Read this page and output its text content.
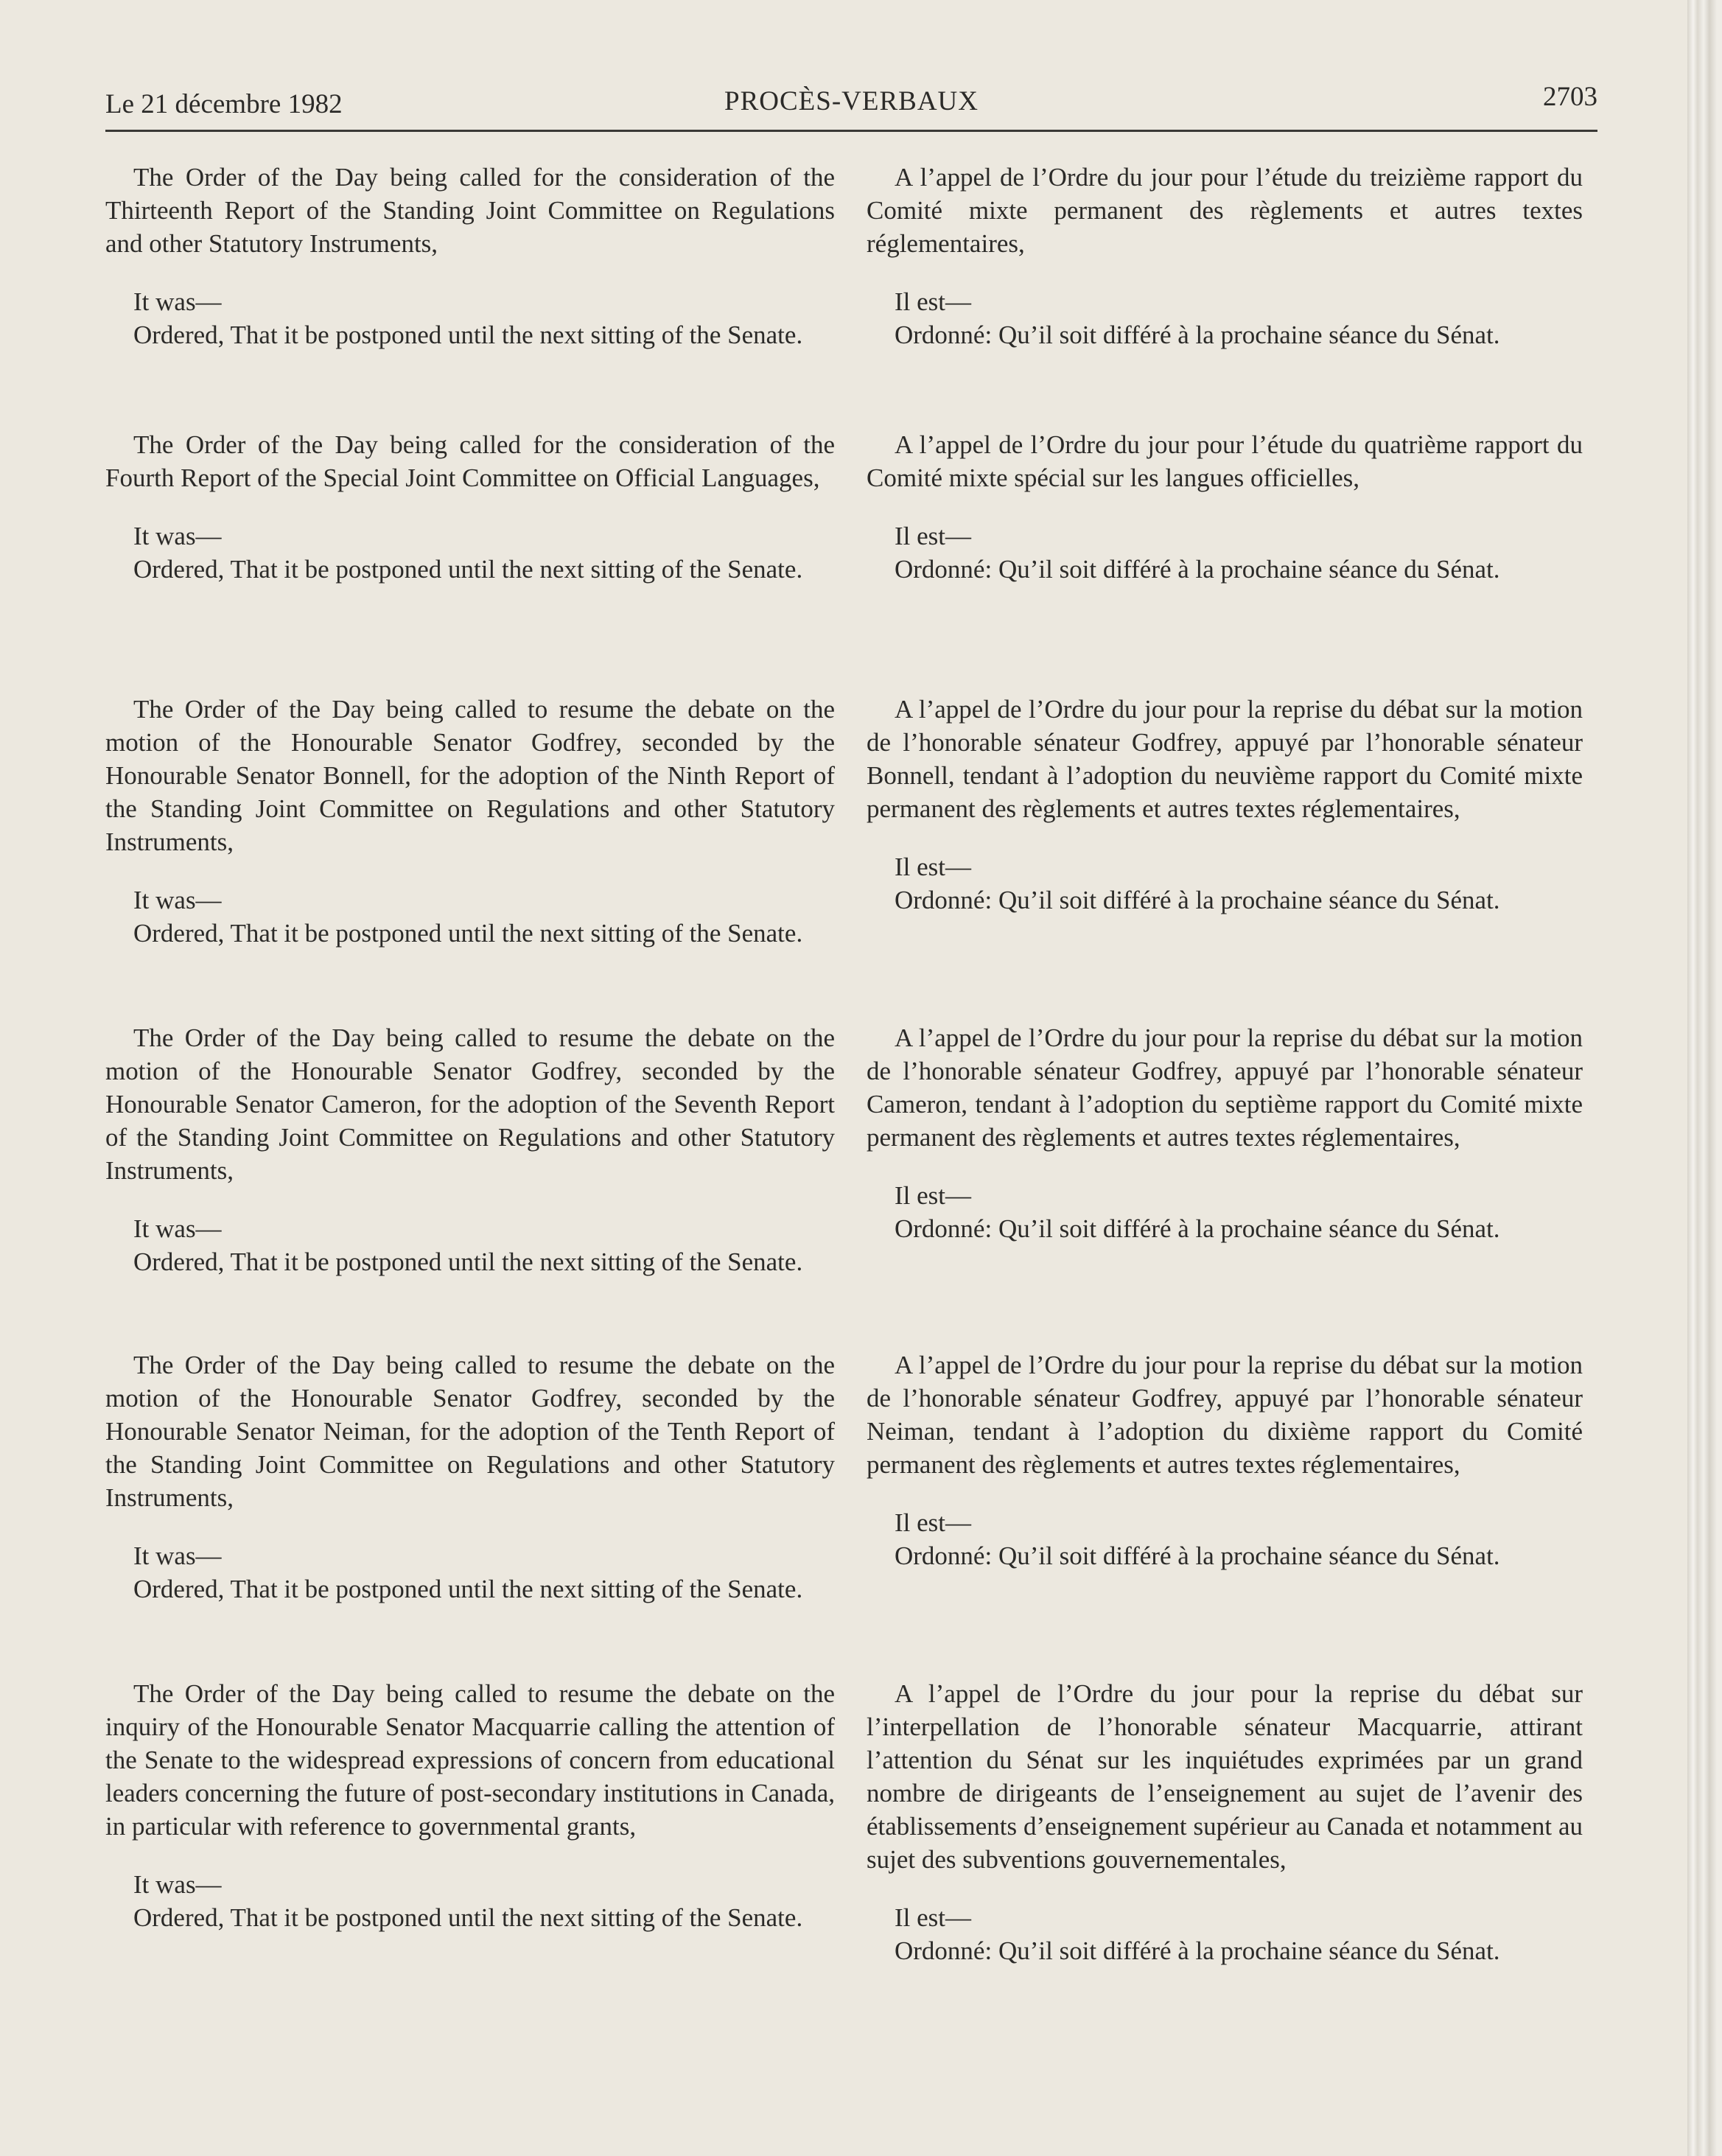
Le 21 décembre 1982	PROCÈS-VERBAUX	2703

The Order of the Day being called for the consideration of the Thirteenth Report of the Standing Joint Committee on Regulations and other Statutory Instruments,

It was—

Ordered, That it be postponed until the next sitting of the Senate.

The Order of the Day being called for the consideration of the Fourth Report of the Special Joint Committee on Official Languages,

It was—

Ordered, That it be postponed until the next sitting of the Senate.

The Order of the Day being called to resume the debate on the motion of the Honourable Senator Godfrey, seconded by the Honourable Senator Bonnell, for the adoption of the Ninth Report of the Standing Joint Committee on Regulations and other Statutory Instruments,

It was—

Ordered, That it be postponed until the next sitting of the Senate.

The Order of the Day being called to resume the debate on the motion of the Honourable Senator Godfrey, seconded by the Honourable Senator Cameron, for the adoption of the Seventh Report of the Standing Joint Committee on Regulations and other Statutory Instruments,

It was—

Ordered, That it be postponed until the next sitting of the Senate.

The Order of the Day being called to resume the debate on the motion of the Honourable Senator Godfrey, seconded by the Honourable Senator Neiman, for the adoption of the Tenth Report of the Standing Joint Committee on Regulations and other Statutory Instruments,

It was—

Ordered, That it be postponed until the next sitting of the Senate.

The Order of the Day being called to resume the debate on the inquiry of the Honourable Senator Macquarrie calling the attention of the Senate to the widespread expressions of concern from educational leaders concerning the future of post-secondary institutions in Canada, in particular with reference to governmental grants,

It was—

Ordered, That it be postponed until the next sitting of the Senate.

A l’appel de l’Ordre du jour pour l’étude du treizième rapport du Comité mixte permanent des règlements et autres textes réglementaires,

Il est—

Ordonné: Qu’il soit différé à la prochaine séance du Sénat.

A l’appel de l’Ordre du jour pour l’étude du quatrième rapport du Comité mixte spécial sur les langues officielles,

Il est—

Ordonné: Qu’il soit différé à la prochaine séance du Sénat.

A l’appel de l’Ordre du jour pour la reprise du débat sur la motion de l’honorable sénateur Godfrey, appuyé par l’honorable sénateur Bonnell, tendant à l’adoption du neuvième rapport du Comité mixte permanent des règlements et autres textes réglementaires,

Il est—

Ordonné: Qu’il soit différé à la prochaine séance du Sénat.

A l’appel de l’Ordre du jour pour la reprise du débat sur la motion de l’honorable sénateur Godfrey, appuyé par l’honorable sénateur Cameron, tendant à l’adoption du septième rapport du Comité mixte permanent des règlements et autres textes réglementaires,

Il est—

Ordonné: Qu’il soit différé à la prochaine séance du Sénat.

A l’appel de l’Ordre du jour pour la reprise du débat sur la motion de l’honorable sénateur Godfrey, appuyé par l’honorable sénateur Neiman, tendant à l’adoption du dixième rapport du Comité permanent des règlements et autres textes réglementaires,

Il est—

Ordonné: Qu’il soit différé à la prochaine séance du Sénat.

A l’appel de l’Ordre du jour pour la reprise du débat sur l’interpellation de l’honorable sénateur Macquarrie, attirant l’attention du Sénat sur les inquiétudes exprimées par un grand nombre de dirigeants de l’enseignement au sujet de l’avenir des établissements d’enseignement supérieur au Canada et notamment au sujet des subventions gouvernementales,

Il est—

Ordonné: Qu’il soit différé à la prochaine séance du Sénat.
